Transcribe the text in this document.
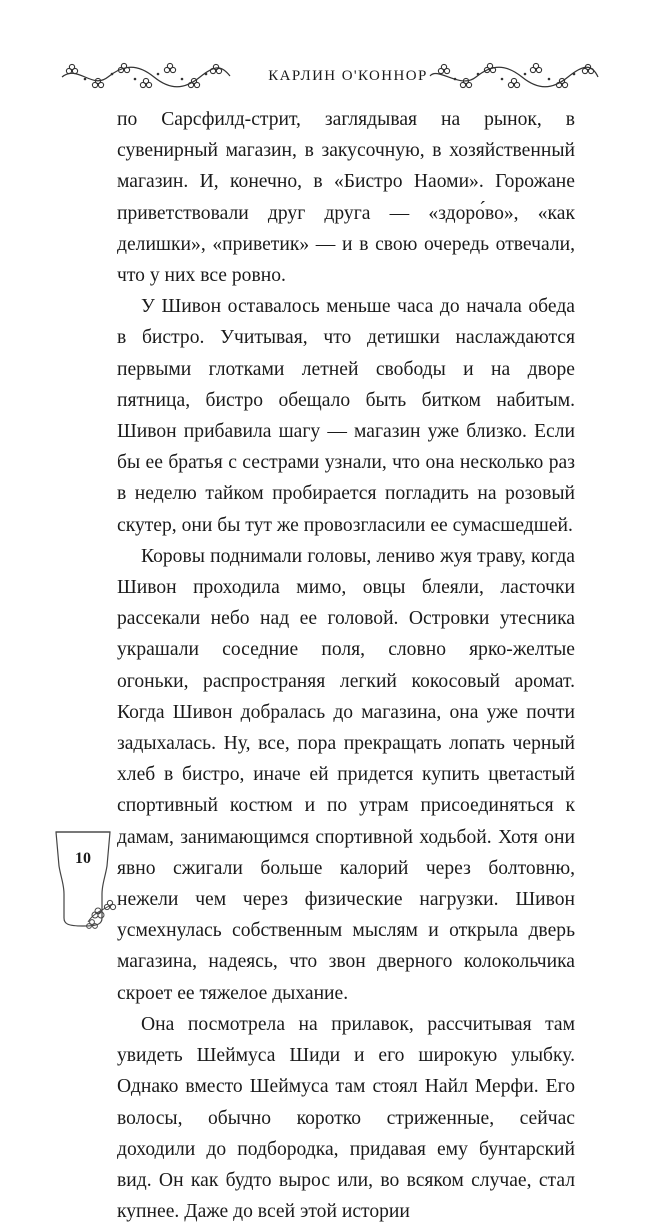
КАРЛИН О'КОННОР

по Сарсфилд-стрит, заглядывая на рынок, в сувенирный магазин, в закусочную, в хозяйственный магазин. И, конечно, в «Бистро Наоми». Горожане приветствовали друг друга — «здоро́во», «как делишки», «приветик» — и в свою очередь отвечали, что у них все ровно.

У Шивон оставалось меньше часа до начала обеда в бистро. Учитывая, что детишки наслаждаются первыми глотками летней свободы и на дворе пятница, бистро обещало быть битком набитым. Шивон прибавила шагу — магазин уже близко. Если бы ее братья с сестрами узнали, что она несколько раз в неделю тайком пробирается погладить на розовый скутер, они бы тут же провозгласили ее сумасшедшей.

Коровы поднимали головы, лениво жуя траву, когда Шивон проходила мимо, овцы блеяли, ласточки рассекали небо над ее головой. Островки утесника украшали соседние поля, словно ярко-желтые огоньки, распространяя легкий кокосовый аромат. Когда Шивон добралась до магазина, она уже почти задыхалась. Ну, все, пора прекращать лопать черный хлеб в бистро, иначе ей придется купить цветастый спортивный костюм и по утрам присоединяться к дамам, занимающимся спортивной ходьбой. Хотя они явно сжигали больше калорий через болтовню, нежели чем через физические нагрузки. Шивон усмехнулась собственным мыслям и открыла дверь магазина, надеясь, что звон дверного колокольчика скроет ее тяжелое дыхание.

Она посмотрела на прилавок, рассчитывая там увидеть Шеймуса Шиди и его широкую улыбку. Однако вместо Шеймуса там стоял Найл Мерфи. Его волосы, обычно коротко стриженные, сейчас доходили до подбородка, придавая ему бунтарский вид. Он как будто вырос или, во всяком случае, стал купнее. Даже до всей этой истории

10
